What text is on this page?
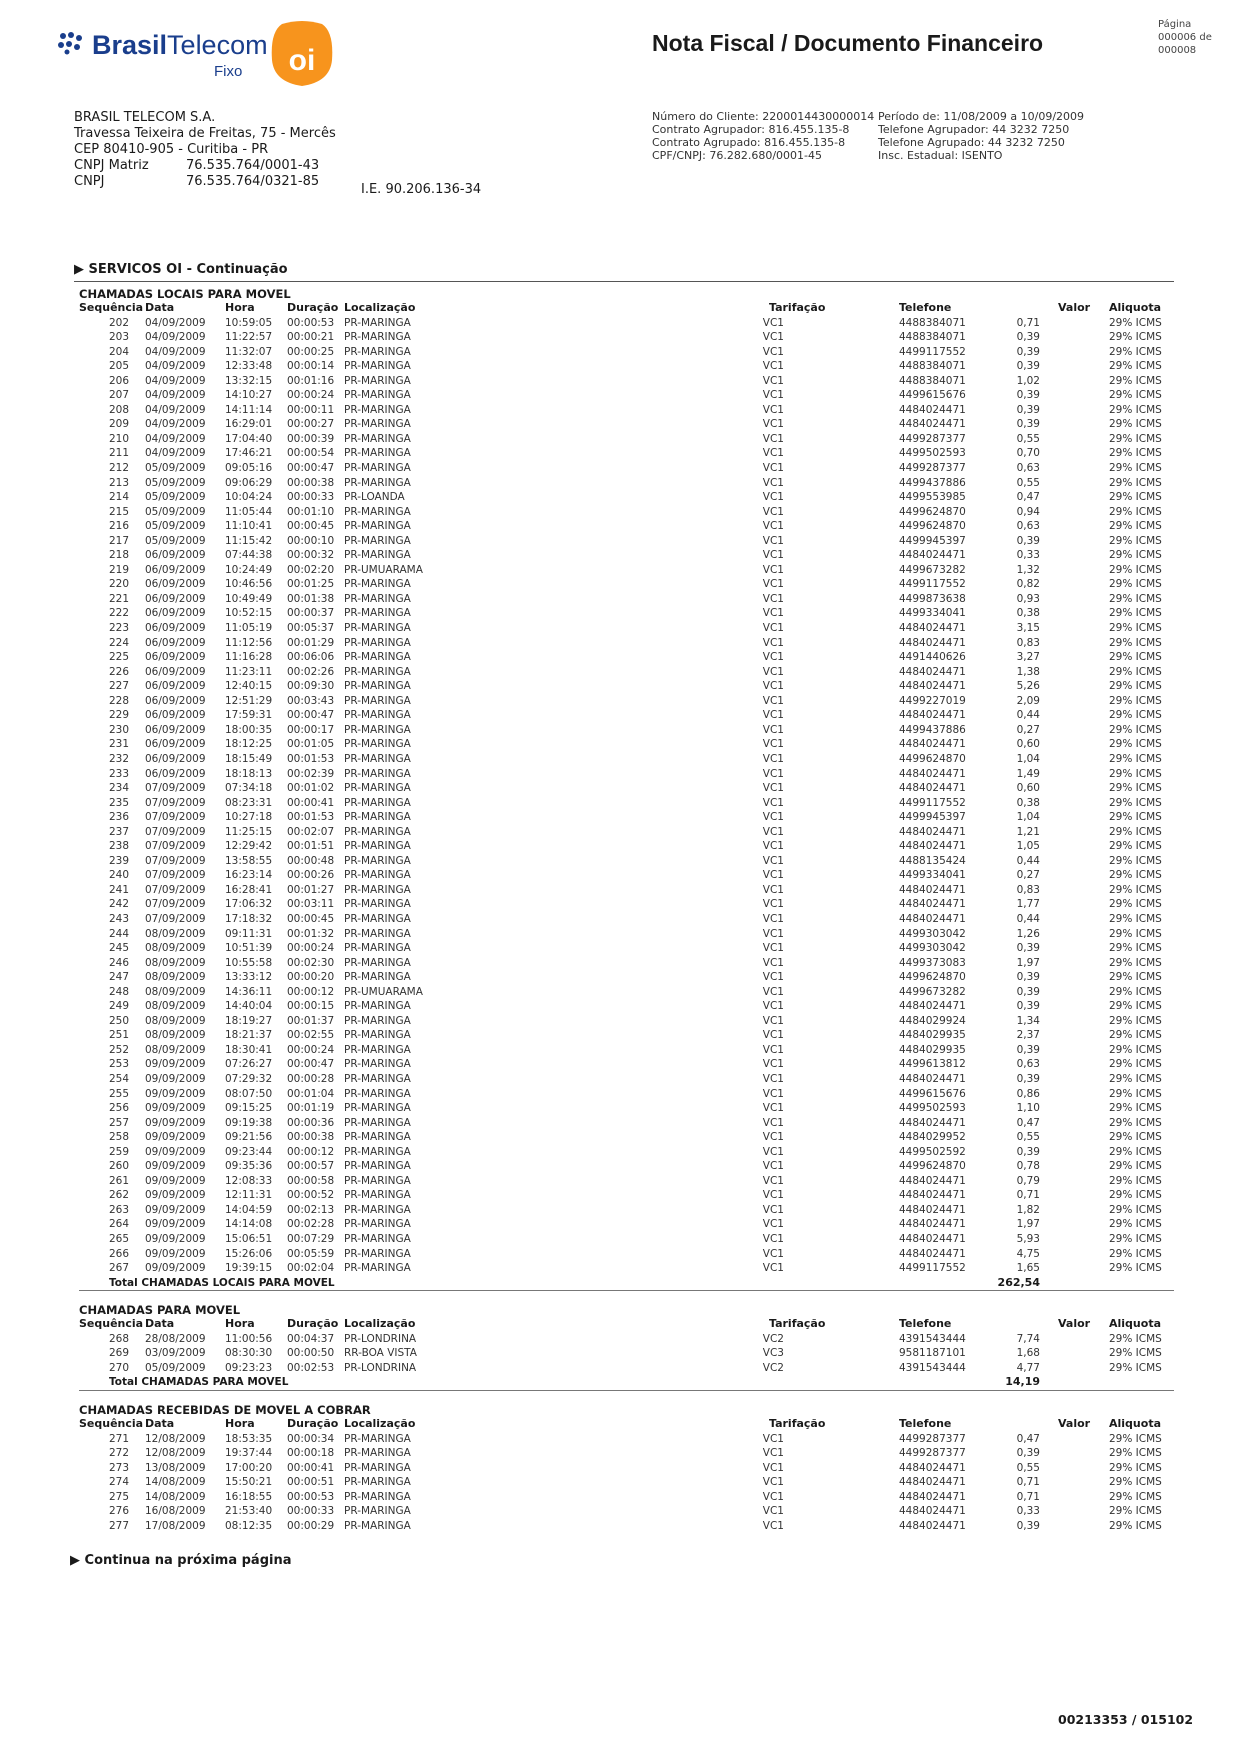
BrasilTelecom
Fixo oi
Nota Fiscal / Documento Financeiro
Página
000006 de
000008
BRASIL TELECOM S.A.
Travessa Teixeira de Freitas, 75 - Mercês
CEP 80410-905 - Curitiba - PR
CNPJ Matriz	76.535.764/0001-43
CNPJ	76.535.764/0321-85
I.E. 90.206.136-34
Número do Cliente: 2200014430000014
Contrato Agrupador: 816.455.135-8
Contrato Agrupado: 816.455.135-8
CPF/CNPJ: 76.282.680/0001-45
Período de: 11/08/2009 a 10/09/2009
Telefone Agrupador: 44 3232 7250
Telefone Agrupado: 44 3232 7250
Insc. Estadual: ISENTO
▶ SERVICOS OI - Continuação
CHAMADAS LOCAIS PARA MOVEL
Sequência Data	Hora	Duração Localização	Tarifação	Telefone	Valor Aliquota
202 04/09/2009 10:59:05 00:00:53 PR-MARINGA	VC1	4488384071	0,71	29% ICMS
203 04/09/2009 11:22:57 00:00:21 PR-MARINGA	VC1	4488384071	0,39	29% ICMS
204 04/09/2009 11:32:07 00:00:25 PR-MARINGA	VC1	4499117552	0,39	29% ICMS
205 04/09/2009 12:33:48 00:00:14 PR-MARINGA	VC1	4488384071	0,39	29% ICMS
206 04/09/2009 13:32:15 00:01:16 PR-MARINGA	VC1	4488384071	1,02	29% ICMS
207 04/09/2009 14:10:27 00:00:24 PR-MARINGA	VC1	4499615676	0,39	29% ICMS
208 04/09/2009 14:11:14 00:00:11 PR-MARINGA	VC1	4484024471	0,39	29% ICMS
209 04/09/2009 16:29:01 00:00:27 PR-MARINGA	VC1	4484024471	0,39	29% ICMS
210 04/09/2009 17:04:40 00:00:39 PR-MARINGA	VC1	4499287377	0,55	29% ICMS
211 04/09/2009 17:46:21 00:00:54 PR-MARINGA	VC1	4499502593	0,70	29% ICMS
212 05/09/2009 09:05:16 00:00:47 PR-MARINGA	VC1	4499287377	0,63	29% ICMS
213 05/09/2009 09:06:29 00:00:38 PR-MARINGA	VC1	4499437886	0,55	29% ICMS
214 05/09/2009 10:04:24 00:00:33 PR-LOANDA	VC1	4499553985	0,47	29% ICMS
215 05/09/2009 11:05:44 00:01:10 PR-MARINGA	VC1	4499624870	0,94	29% ICMS
216 05/09/2009 11:10:41 00:00:45 PR-MARINGA	VC1	4499624870	0,63	29% ICMS
217 05/09/2009 11:15:42 00:00:10 PR-MARINGA	VC1	4499945397	0,39	29% ICMS
218 06/09/2009 07:44:38 00:00:32 PR-MARINGA	VC1	4484024471	0,33	29% ICMS
219 06/09/2009 10:24:49 00:02:20 PR-UMUARAMA	VC1	4499673282	1,32	29% ICMS
220 06/09/2009 10:46:56 00:01:25 PR-MARINGA	VC1	4499117552	0,82	29% ICMS
221 06/09/2009 10:49:49 00:01:38 PR-MARINGA	VC1	4499873638	0,93	29% ICMS
222 06/09/2009 10:52:15 00:00:37 PR-MARINGA	VC1	4499334041	0,38	29% ICMS
223 06/09/2009 11:05:19 00:05:37 PR-MARINGA	VC1	4484024471	3,15	29% ICMS
224 06/09/2009 11:12:56 00:01:29 PR-MARINGA	VC1	4484024471	0,83	29% ICMS
225 06/09/2009 11:16:28 00:06:06 PR-MARINGA	VC1	4491440626	3,27	29% ICMS
226 06/09/2009 11:23:11 00:02:26 PR-MARINGA	VC1	4484024471	1,38	29% ICMS
227 06/09/2009 12:40:15 00:09:30 PR-MARINGA	VC1	4484024471	5,26	29% ICMS
228 06/09/2009 12:51:29 00:03:43 PR-MARINGA	VC1	4499227019	2,09	29% ICMS
229 06/09/2009 17:59:31 00:00:47 PR-MARINGA	VC1	4484024471	0,44	29% ICMS
230 06/09/2009 18:00:35 00:00:17 PR-MARINGA	VC1	4499437886	0,27	29% ICMS
231 06/09/2009 18:12:25 00:01:05 PR-MARINGA	VC1	4484024471	0,60	29% ICMS
232 06/09/2009 18:15:49 00:01:53 PR-MARINGA	VC1	4499624870	1,04	29% ICMS
233 06/09/2009 18:18:13 00:02:39 PR-MARINGA	VC1	4484024471	1,49	29% ICMS
234 07/09/2009 07:34:18 00:01:02 PR-MARINGA	VC1	4484024471	0,60	29% ICMS
235 07/09/2009 08:23:31 00:00:41 PR-MARINGA	VC1	4499117552	0,38	29% ICMS
236 07/09/2009 10:27:18 00:01:53 PR-MARINGA	VC1	4499945397	1,04	29% ICMS
237 07/09/2009 11:25:15 00:02:07 PR-MARINGA	VC1	4484024471	1,21	29% ICMS
238 07/09/2009 12:29:42 00:01:51 PR-MARINGA	VC1	4484024471	1,05	29% ICMS
239 07/09/2009 13:58:55 00:00:48 PR-MARINGA	VC1	4488135424	0,44	29% ICMS
240 07/09/2009 16:23:14 00:00:26 PR-MARINGA	VC1	4499334041	0,27	29% ICMS
241 07/09/2009 16:28:41 00:01:27 PR-MARINGA	VC1	4484024471	0,83	29% ICMS
242 07/09/2009 17:06:32 00:03:11 PR-MARINGA	VC1	4484024471	1,77	29% ICMS
243 07/09/2009 17:18:32 00:00:45 PR-MARINGA	VC1	4484024471	0,44	29% ICMS
244 08/09/2009 09:11:31 00:01:32 PR-MARINGA	VC1	4499303042	1,26	29% ICMS
245 08/09/2009 10:51:39 00:00:24 PR-MARINGA	VC1	4499303042	0,39	29% ICMS
246 08/09/2009 10:55:58 00:02:30 PR-MARINGA	VC1	4499373083	1,97	29% ICMS
247 08/09/2009 13:33:12 00:00:20 PR-MARINGA	VC1	4499624870	0,39	29% ICMS
248 08/09/2009 14:36:11 00:00:12 PR-UMUARAMA	VC1	4499673282	0,39	29% ICMS
249 08/09/2009 14:40:04 00:00:15 PR-MARINGA	VC1	4484024471	0,39	29% ICMS
250 08/09/2009 18:19:27 00:01:37 PR-MARINGA	VC1	4484029924	1,34	29% ICMS
251 08/09/2009 18:21:37 00:02:55 PR-MARINGA	VC1	4484029935	2,37	29% ICMS
252 08/09/2009 18:30:41 00:00:24 PR-MARINGA	VC1	4484029935	0,39	29% ICMS
253 09/09/2009 07:26:27 00:00:47 PR-MARINGA	VC1	4499613812	0,63	29% ICMS
254 09/09/2009 07:29:32 00:00:28 PR-MARINGA	VC1	4484024471	0,39	29% ICMS
255 09/09/2009 08:07:50 00:01:04 PR-MARINGA	VC1	4499615676	0,86	29% ICMS
256 09/09/2009 09:15:25 00:01:19 PR-MARINGA	VC1	4499502593	1,10	29% ICMS
257 09/09/2009 09:19:38 00:00:36 PR-MARINGA	VC1	4484024471	0,47	29% ICMS
258 09/09/2009 09:21:56 00:00:38 PR-MARINGA	VC1	4484029952	0,55	29% ICMS
259 09/09/2009 09:23:44 00:00:12 PR-MARINGA	VC1	4499502592	0,39	29% ICMS
260 09/09/2009 09:35:36 00:00:57 PR-MARINGA	VC1	4499624870	0,78	29% ICMS
261 09/09/2009 12:08:33 00:00:58 PR-MARINGA	VC1	4484024471	0,79	29% ICMS
262 09/09/2009 12:11:31 00:00:52 PR-MARINGA	VC1	4484024471	0,71	29% ICMS
263 09/09/2009 14:04:59 00:02:13 PR-MARINGA	VC1	4484024471	1,82	29% ICMS
264 09/09/2009 14:14:08 00:02:28 PR-MARINGA	VC1	4484024471	1,97	29% ICMS
265 09/09/2009 15:06:51 00:07:29 PR-MARINGA	VC1	4484024471	5,93	29% ICMS
266 09/09/2009 15:26:06 00:05:59 PR-MARINGA	VC1	4484024471	4,75	29% ICMS
267 09/09/2009 19:39:15 00:02:04 PR-MARINGA	VC1	4499117552	1,65	29% ICMS
Total CHAMADAS LOCAIS PARA MOVEL	262,54
CHAMADAS PARA MOVEL
Sequência Data	Hora	Duração Localização	Tarifação	Telefone	Valor Aliquota
268 28/08/2009 11:00:56 00:04:37 PR-LONDRINA	VC2	4391543444	7,74	29% ICMS
269 03/09/2009 08:30:30 00:00:50 RR-BOA VISTA	VC3	9581187101	1,68	29% ICMS
270 05/09/2009 09:23:23 00:02:53 PR-LONDRINA	VC2	4391543444	4,77	29% ICMS
Total CHAMADAS PARA MOVEL	14,19
CHAMADAS RECEBIDAS DE MOVEL A COBRAR
Sequência Data	Hora	Duração Localização	Tarifação	Telefone	Valor Aliquota
271 12/08/2009 18:53:35 00:00:34 PR-MARINGA	VC1	4499287377	0,47	29% ICMS
272 12/08/2009 19:37:44 00:00:18 PR-MARINGA	VC1	4499287377	0,39	29% ICMS
273 13/08/2009 17:00:20 00:00:41 PR-MARINGA	VC1	4484024471	0,55	29% ICMS
274 14/08/2009 15:50:21 00:00:51 PR-MARINGA	VC1	4484024471	0,71	29% ICMS
275 14/08/2009 16:18:55 00:00:53 PR-MARINGA	VC1	4484024471	0,71	29% ICMS
276 16/08/2009 21:53:40 00:00:33 PR-MARINGA	VC1	4484024471	0,33	29% ICMS
277 17/08/2009 08:12:35 00:00:29 PR-MARINGA	VC1	4484024471	0,39	29% ICMS
▶ Continua na próxima página
00213353 / 015102
